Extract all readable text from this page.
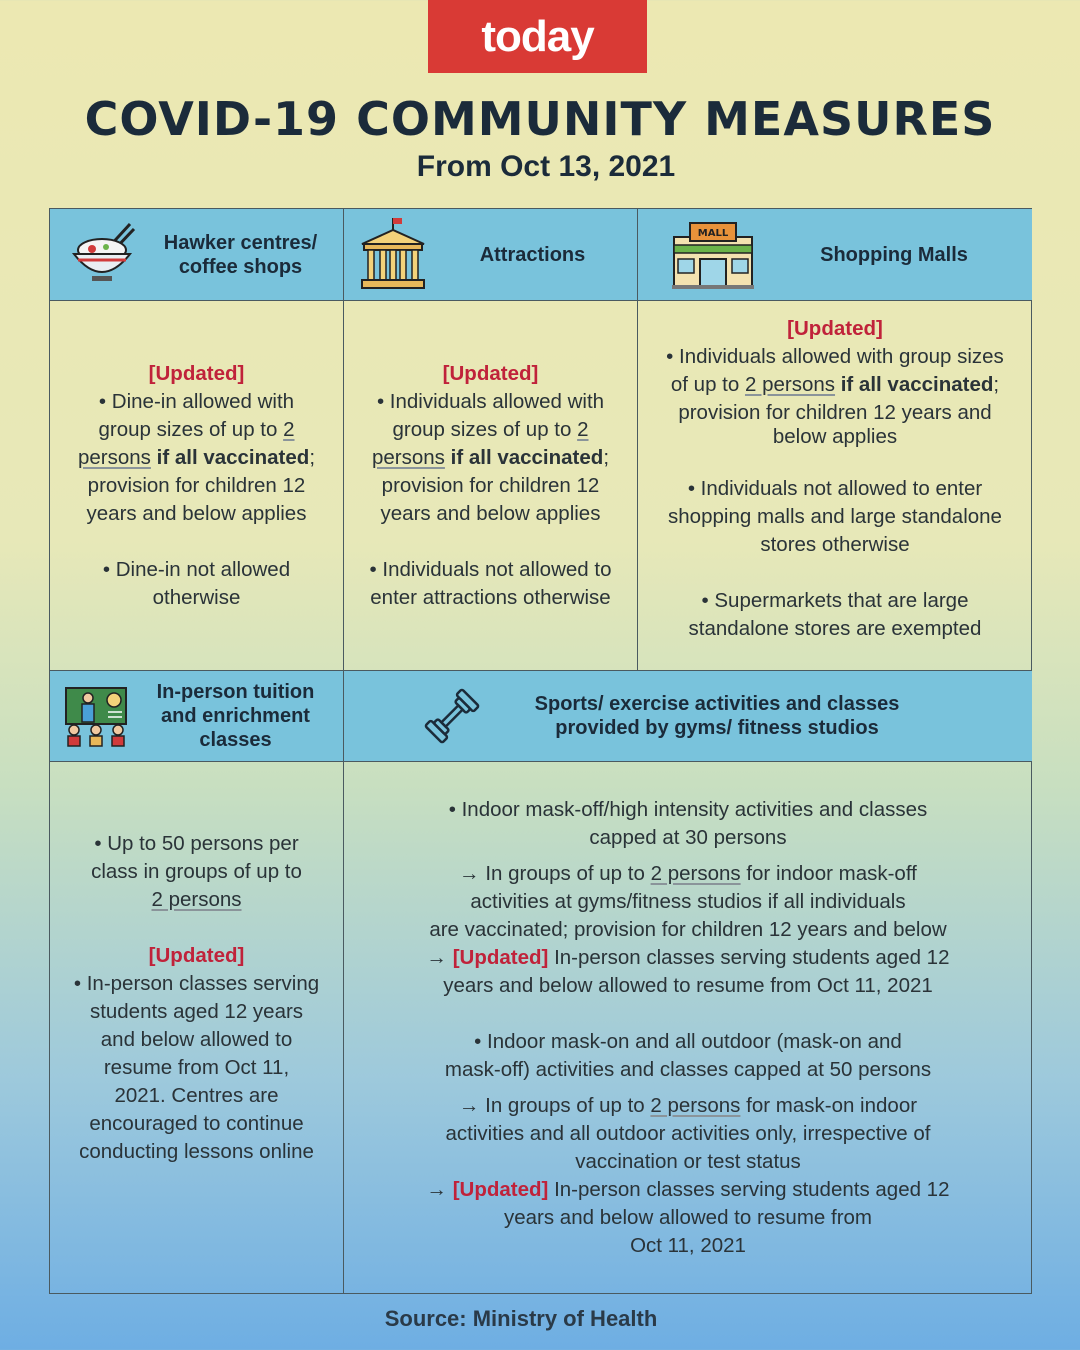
today
COVID-19 COMMUNITY MEASURES
From Oct 13, 2021
Hawker centres/
coffee shops
Attractions
MALL
Shopping Malls
[Updated]
• Dine-in allowed with
group sizes of up to 2
persons if all vaccinated;
provision for children 12
years and below applies
• Dine-in not allowed
otherwise
[Updated]
• Individuals allowed with
group sizes of up to 2
persons if all vaccinated;
provision for children 12
years and below applies
• Individuals not allowed to
enter attractions otherwise
[Updated]
• Individuals allowed with group sizes
of up to 2 persons if all vaccinated;
provision for children 12 years and
below applies
• Individuals not allowed to enter
shopping malls and large standalone
stores otherwise
• Supermarkets that are large
standalone stores are exempted
In-person tuition
and enrichment
classes
Sports/ exercise activities and classes
provided by gyms/ fitness studios
• Up to 50 persons per
class in groups of up to
2 persons
[Updated]
• In-person classes serving
students aged 12 years
and below allowed to
resume from Oct 11,
2021. Centres are
encouraged to continue
conducting lessons online
• Indoor mask-off/high intensity activities and classes
capped at 30 persons
→ In groups of up to 2 persons for indoor mask-off
activities at gyms/fitness studios if all individuals
are vaccinated; provision for children 12 years and below
→ [Updated] In-person classes serving students aged 12
years and below allowed to resume from Oct 11, 2021
• Indoor mask-on and all outdoor (mask-on and
mask-off) activities and classes capped at 50 persons
→ In groups of up to 2 persons for mask-on indoor
activities and all outdoor activities only, irrespective of
vaccination or test status
→ [Updated] In-person classes serving students aged 12
years and below allowed to resume from
Oct 11, 2021
Source: Ministry of Health
